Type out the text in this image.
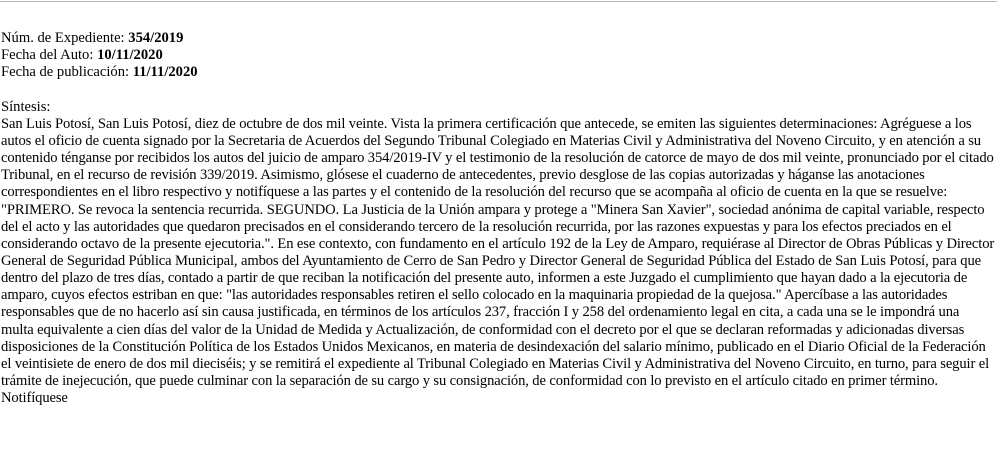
Núm. de Expediente: 354/2019
Fecha del Auto: 10/11/2020
Fecha de publicación: 11/11/2020
Síntesis:
San Luis Potosí, San Luis Potosí, diez de octubre de dos mil veinte. Vista la primera certificación que antecede, se emiten las siguientes determinaciones: Agréguese a los autos el oficio de cuenta signado por la Secretaria de Acuerdos del Segundo Tribunal Colegiado en Materias Civil y Administrativa del Noveno Circuito, y en atención a su contenido ténganse por recibidos los autos del juicio de amparo 354/2019-IV y el testimonio de la resolución de catorce de mayo de dos mil veinte, pronunciado por el citado Tribunal, en el recurso de revisión 339/2019. Asimismo, glósese el cuaderno de antecedentes, previo desglose de las copias autorizadas y háganse las anotaciones correspondientes en el libro respectivo y notifíquese a las partes y el contenido de la resolución del recurso que se acompaña al oficio de cuenta en la que se resuelve: "PRIMERO. Se revoca la sentencia recurrida. SEGUNDO. La Justicia de la Unión ampara y protege a "Minera San Xavier", sociedad anónima de capital variable, respecto del el acto y las autoridades que quedaron precisados en el considerando tercero de la resolución recurrida, por las razones expuestas y para los efectos preciados en el considerando octavo de la presente ejecutoria.". En ese contexto, con fundamento en el artículo 192 de la Ley de Amparo, requiérase al Director de Obras Públicas y Director General de Seguridad Pública Municipal, ambos del Ayuntamiento de Cerro de San Pedro y Director General de Seguridad Pública del Estado de San Luis Potosí, para que dentro del plazo de tres días, contado a partir de que reciban la notificación del presente auto, informen a este Juzgado el cumplimiento que hayan dado a la ejecutoria de amparo, cuyos efectos estriban en que: "las autoridades responsables retiren el sello colocado en la maquinaria propiedad de la quejosa." Apercíbase a las autoridades responsables que de no hacerlo así sin causa justificada, en términos de los artículos 237, fracción I y 258 del ordenamiento legal en cita, a cada una se le impondrá una multa equivalente a cien días del valor de la Unidad de Medida y Actualización, de conformidad con el decreto por el que se declaran reformadas y adicionadas diversas disposiciones de la Constitución Política de los Estados Unidos Mexicanos, en materia de desindexación del salario mínimo, publicado en el Diario Oficial de la Federación el veintisiete de enero de dos mil dieciséis; y se remitirá el expediente al Tribunal Colegiado en Materias Civil y Administrativa del Noveno Circuito, en turno, para seguir el trámite de inejecución, que puede culminar con la separación de su cargo y su consignación, de conformidad con lo previsto en el artículo citado en primer término. Notifíquese
